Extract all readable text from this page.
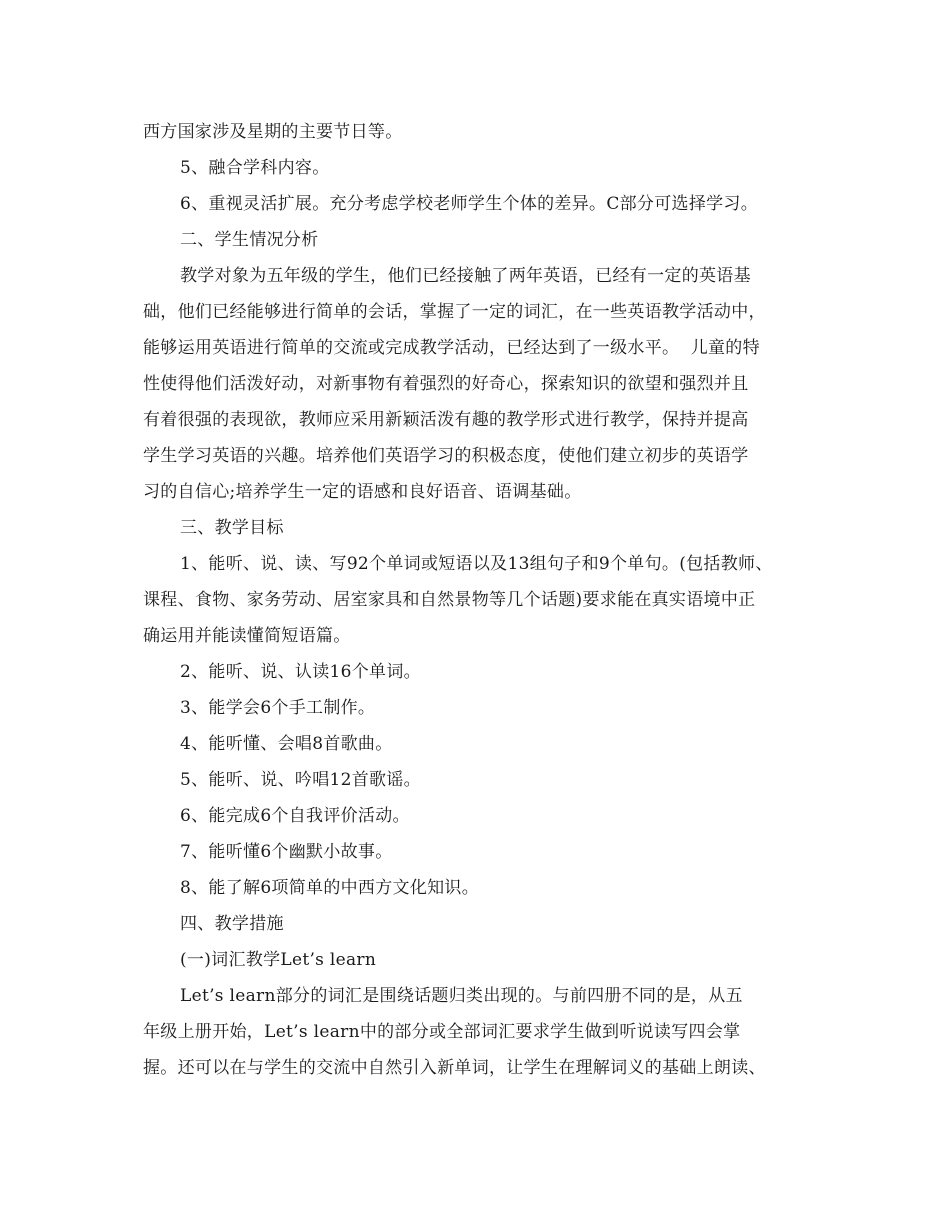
西方国家涉及星期的主要节日等。

5、融合学科内容。

6、重视灵活扩展。充分考虑学校老师学生个体的差异。C部分可选择学习。

二、学生情况分析

教学对象为五年级的学生，他们已经接触了两年英语，已经有一定的英语基

础，他们已经能够进行简单的会话，掌握了一定的词汇，在一些英语教学活动中，

能够运用英语进行简单的交流或完成教学活动，已经达到了一级水平。  儿童的特

性使得他们活泼好动，对新事物有着强烈的好奇心，探索知识的欲望和强烈并且

有着很强的表现欲，教师应采用新颖活泼有趣的教学形式进行教学，保持并提高

学生学习英语的兴趣。培养他们英语学习的积极态度，使他们建立初步的英语学

习的自信心;培养学生一定的语感和良好语音、语调基础。

三、教学目标

1、能听、说、读、写92个单词或短语以及13组句子和9个单句。(包括教师、

课程、食物、家务劳动、居室家具和自然景物等几个话题)要求能在真实语境中正

确运用并能读懂简短语篇。

2、能听、说、认读16个单词。

3、能学会6个手工制作。

4、能听懂、会唱8首歌曲。

5、能听、说、吟唱12首歌谣。

6、能完成6个自我评价活动。

7、能听懂6个幽默小故事。

8、能了解6项简单的中西方文化知识。

四、教学措施

(一)词汇教学Let’s learn

Let’s learn部分的词汇是围绕话题归类出现的。与前四册不同的是，从五

年级上册开始，Let’s learn中的部分或全部词汇要求学生做到听说读写四会掌

握。还可以在与学生的交流中自然引入新单词，让学生在理解词义的基础上朗读、
